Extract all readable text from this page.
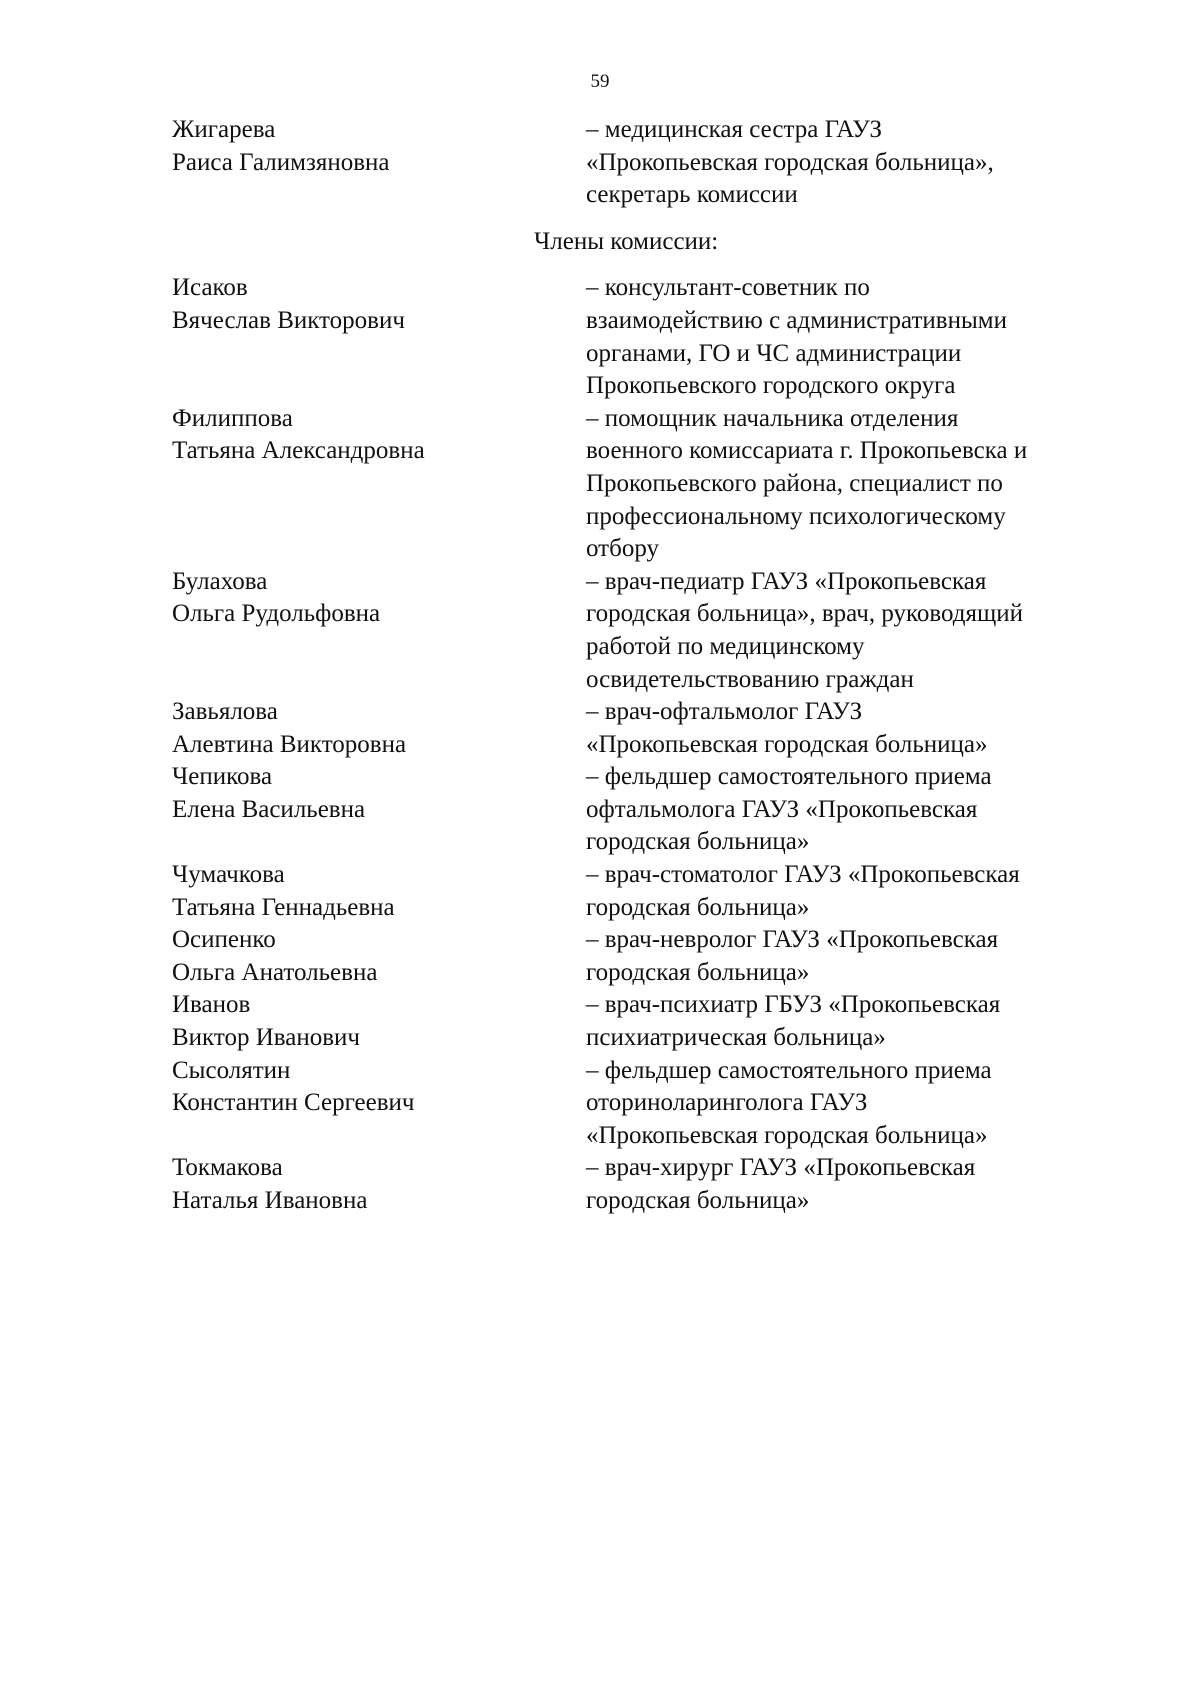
59
Жигарева
Раиса Галимзяновна
– медицинская сестра ГАУЗ
«Прокопьевская городская больница»,
секретарь комиссии
Члены комиссии:
Исаков
Вячеслав Викторович
– консультант-советник по
взаимодействию с административными
органами, ГО и ЧС администрации
Прокопьевского городского округа
Филиппова
Татьяна Александровна
– помощник начальника отделения
военного комиссариата г. Прокопьевска и
Прокопьевского района, специалист по
профессиональному психологическому
отбору
Булахова
Ольга Рудольфовна
– врач-педиатр ГАУЗ «Прокопьевская
городская больница», врач, руководящий
работой по медицинскому
освидетельствованию граждан
Завьялова
Алевтина Викторовна
– врач-офтальмолог ГАУЗ
«Прокопьевская городская больница»
Чепикова
Елена Васильевна
– фельдшер самостоятельного приема
офтальмолога ГАУЗ «Прокопьевская
городская больница»
Чумачкова
Татьяна Геннадьевна
– врач-стоматолог ГАУЗ «Прокопьевская
городская больница»
Осипенко
Ольга Анатольевна
– врач-невролог ГАУЗ «Прокопьевская
городская больница»
Иванов
Виктор Иванович
– врач-психиатр ГБУЗ «Прокопьевская
психиатрическая больница»
Сысолятин
Константин Сергеевич
– фельдшер самостоятельного приема
оториноларинголога ГАУЗ
«Прокопьевская городская больница»
Токмакова
Наталья Ивановна
– врач-хирург ГАУЗ «Прокопьевская
городская больница»
